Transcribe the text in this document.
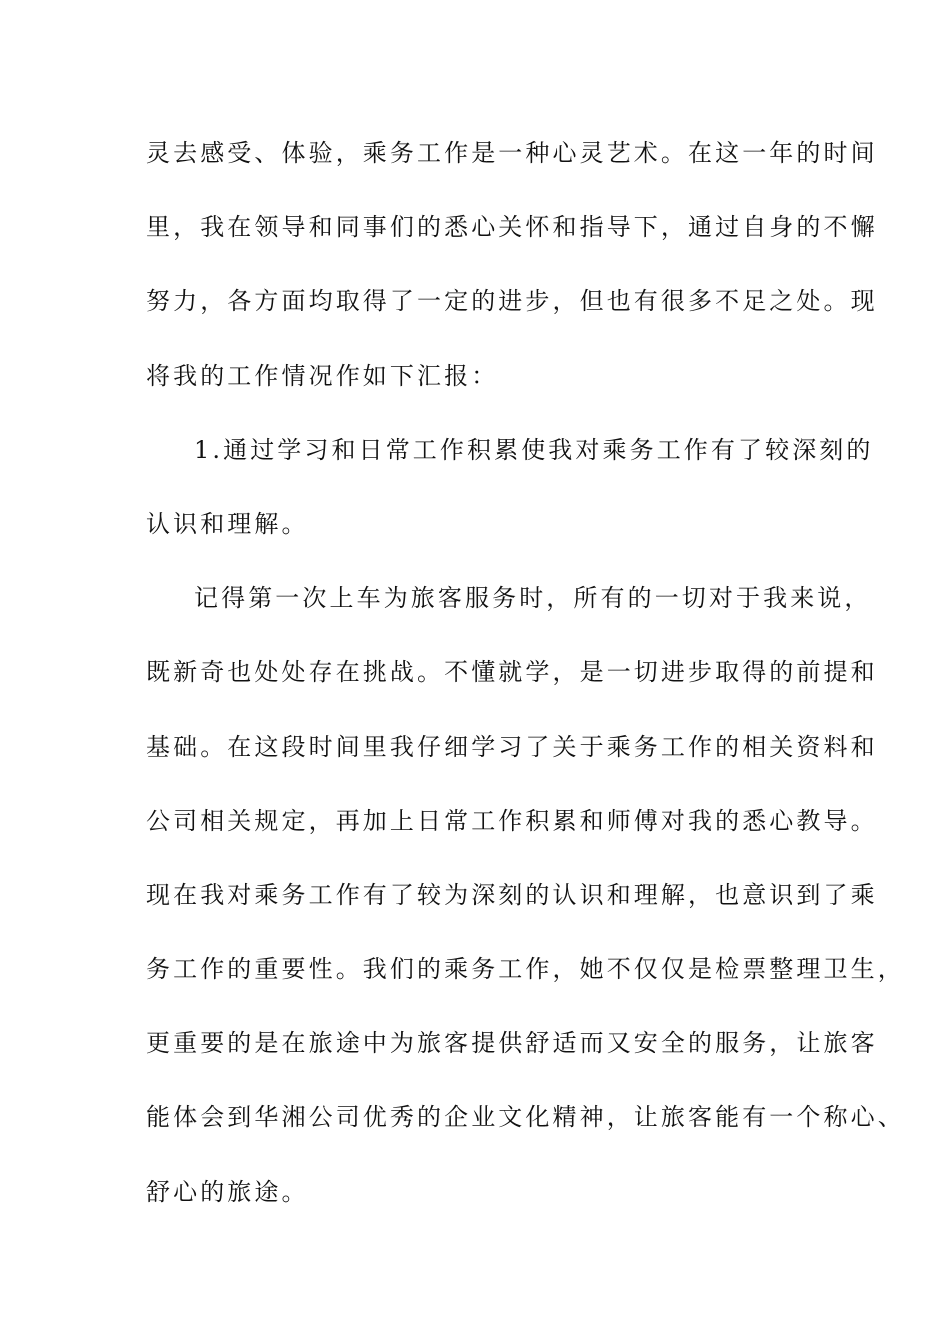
灵去感受、体验，乘务工作是一种心灵艺术。在这一年的时间
里，我在领导和同事们的悉心关怀和指导下，通过自身的不懈
努力，各方面均取得了一定的进步，但也有很多不足之处。现
将我的工作情况作如下汇报：
1.通过学习和日常工作积累使我对乘务工作有了较深刻的
认识和理解。
记得第一次上车为旅客服务时，所有的一切对于我来说，
既新奇也处处存在挑战。不懂就学，是一切进步取得的前提和
基础。在这段时间里我仔细学习了关于乘务工作的相关资料和
公司相关规定，再加上日常工作积累和师傅对我的悉心教导。
现在我对乘务工作有了较为深刻的认识和理解，也意识到了乘
务工作的重要性。我们的乘务工作，她不仅仅是检票整理卫生，
更重要的是在旅途中为旅客提供舒适而又安全的服务，让旅客
能体会到华湘公司优秀的企业文化精神，让旅客能有一个称心、
舒心的旅途。
